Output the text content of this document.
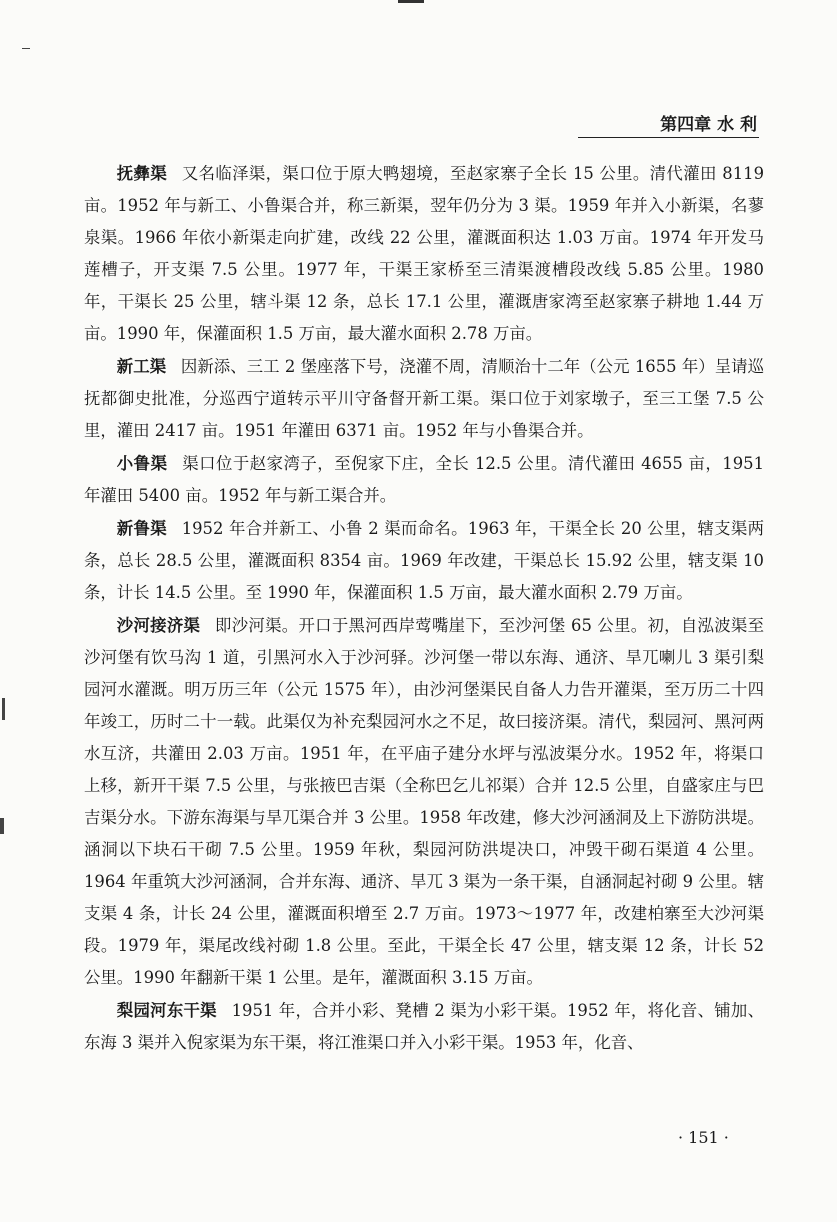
第四章 水 利

抚彝渠 又名临泽渠，渠口位于原大鸭翅境，至赵家寨子全长 15 公里。清代灌田 8119 亩。1952 年与新工、小鲁渠合并，称三新渠，翌年仍分为 3 渠。1959 年并入小新渠，名蓼泉渠。1966 年依小新渠走向扩建，改线 22 公里，灌溉面积达 1.03 万亩。1974 年开发马莲槽子，开支渠 7.5 公里。1977 年，干渠王家桥至三清渠渡槽段改线 5.85 公里。1980 年，干渠长 25 公里，辖斗渠 12 条，总长 17.1 公里，灌溉唐家湾至赵家寨子耕地 1.44 万亩。1990 年，保灌面积 1.5 万亩，最大灌水面积 2.78 万亩。

新工渠 因新添、三工 2 堡座落下号，浇灌不周，清顺治十二年（公元 1655 年）呈请巡抚都御史批准，分巡西宁道转示平川守备督开新工渠。渠口位于刘家墩子，至三工堡 7.5 公里，灌田 2417 亩。1951 年灌田 6371 亩。1952 年与小鲁渠合并。

小鲁渠 渠口位于赵家湾子，至倪家下庄，全长 12.5 公里。清代灌田 4655 亩，1951 年灌田 5400 亩。1952 年与新工渠合并。

新鲁渠 1952 年合并新工、小鲁 2 渠而命名。1963 年，干渠全长 20 公里，辖支渠两条，总长 28.5 公里，灌溉面积 8354 亩。1969 年改建，干渠总长 15.92 公里，辖支渠 10 条，计长 14.5 公里。至 1990 年，保灌面积 1.5 万亩，最大灌水面积 2.79 万亩。

沙河接济渠 即沙河渠。开口于黑河西岸莺嘴崖下，至沙河堡 65 公里。初，自泓波渠至沙河堡有饮马沟 1 道，引黑河水入于沙河驿。沙河堡一带以东海、通济、旱兀喇儿 3 渠引梨园河水灌溉。明万历三年（公元 1575 年），由沙河堡渠民自备人力告开灌渠，至万历二十四年竣工，历时二十一载。此渠仅为补充梨园河水之不足，故曰接济渠。清代，梨园河、黑河两水互济，共灌田 2.03 万亩。1951 年，在平庙子建分水坪与泓波渠分水。1952 年，将渠口上移，新开干渠 7.5 公里，与张掖巴吉渠（全称巴乞儿祁渠）合并 12.5 公里，自盛家庄与巴吉渠分水。下游东海渠与旱兀渠合并 3 公里。1958 年改建，修大沙河涵洞及上下游防洪堤。涵洞以下块石干砌 7.5 公里。1959 年秋，梨园河防洪堤决口，冲毁干砌石渠道 4 公里。1964 年重筑大沙河涵洞，合并东海、通济、旱兀 3 渠为一条干渠，自涵洞起衬砌 9 公里。辖支渠 4 条，计长 24 公里，灌溉面积增至 2.7 万亩。1973～1977 年，改建柏寨至大沙河渠段。1979 年，渠尾改线衬砌 1.8 公里。至此，干渠全长 47 公里，辖支渠 12 条，计长 52 公里。1990 年翻新干渠 1 公里。是年，灌溉面积 3.15 万亩。

梨园河东干渠 1951 年，合并小彩、凳槽 2 渠为小彩干渠。1952 年，将化音、铺加、东海 3 渠并入倪家渠为东干渠，将江淮渠口并入小彩干渠。1953 年，化音、

· 151 ·
